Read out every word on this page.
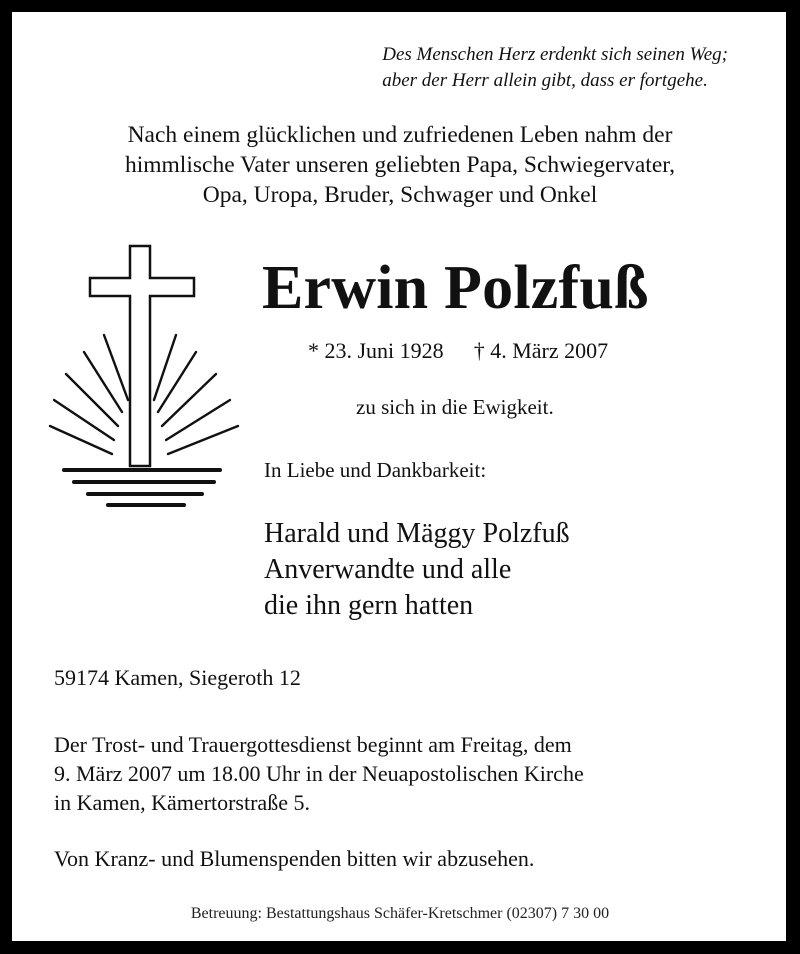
Des Menschen Herz erdenkt sich seinen Weg;
aber der Herr allein gibt, dass er fortgehe.
Nach einem glücklichen und zufriedenen Leben nahm der
himmlische Vater unseren geliebten Papa, Schwiegervater,
Opa, Uropa, Bruder, Schwager und Onkel
Erwin Polzfuß
* 23. Juni 1928 † 4. März 2007
zu sich in die Ewigkeit.
In Liebe und Dankbarkeit:
Harald und Mäggy Polzfuß
Anverwandte und alle
die ihn gern hatten
59174 Kamen, Siegeroth 12
Der Trost- und Trauergottesdienst beginnt am Freitag, dem
9. März 2007 um 18.00 Uhr in der Neuapostolischen Kirche
in Kamen, Kämertorstraße 5.
Von Kranz- und Blumenspenden bitten wir abzusehen.
Betreuung: Bestattungshaus Schäfer-Kretschmer (02307) 7 30 00
